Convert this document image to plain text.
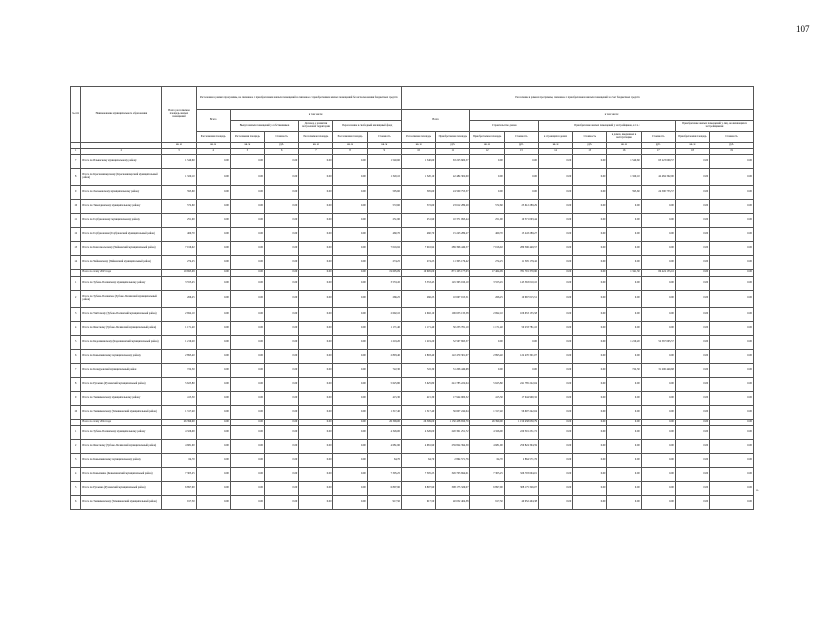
107
№ п/п	Наименование муниципального образования	Всего расселяемая площадь жилых помещений	Расселение в рамках программы, не связанное с приобретением жилых помещений и связанное с приобретением жилых помещений без использования бюджетных средств						Расселение в рамках программы, связанное с приобретением жилых помещений за счет бюджетных средств									
			Всего	в том числе:					Всего		в том числе:							
				Выкуп жилых помещений у собственников		Договор о развитии застроенной территории	Переселение в свободный жилищный фонд				Строительство домов		Приобретение жилых помещений у застройщиков, в т.ч.:				Приобретение жилых помещений у лиц, не являющихся застройщиками	
			Расселяемая площадь	Расселяемая площадь	Стоимость	Расселяемая площадь	Расселяемая площадь	Стоимость	Расселяемая площадь	Приобретаемая площадь	Приобретаемая площадь	Стоимость	в строящихся домах	Стоимость	в домах, введенных в эксплуатацию	Стоимость	Приобретаемая площадь	Стоимость
		кв. м	кв. м	кв. м	руб.	кв. м	кв. м	кв. м	кв. м	руб.	кв. м	руб.	кв. м	руб.	кв. м	руб.	кв. м	руб.
1	2	3	4	5	6	7	8	9	10	11	12	13	14	15	16	17	18	19
7	Итого по Ильинскому муниципальному району	1 540,60	0.00	0.00	0.00	0.00	0.00	1 540,60	1 540,60	63 223 600,57	0.00	0.00	0.00	0.00	1 540,60	63 223 600,57	0.00	0.00
8	Итого по Красновишерскому (Красновишерский муниципальный район)	1 320,10	0.00	0.00	0.00	0.00	0.00	1 320,10	1 320,10	42 484 302,00	0.00	0.00	0.00	0.00	1 320,10	42 484 302,00	0.00	0.00
9	Итого по Лысьвенскому муниципальному району	595,60	0.00	0.00	0.00	0.00	0.00	595,60	595,60	24 500 755,57	0.00	0.00	0.00	0.00	595,60	24 500 755,57	0.00	0.00
10	Итого по Тикалдинскому муниципальному району	572,60	0.00	0.00	0.00	0.00	0.00	572,60	572,60	23 612 289,29	572,60	23 612 289,29	0.00	0.00	0.00	0.00	0.00	0.00
11	Итого по Горбуновскому муниципальному району	251,90	0.00	0.00	0.00	0.00	0.00	251,90	251,90	10 371 093,44	251,90	10 371 093,44	0.00	0.00	0.00	0.00	0.00	0.00
12	Итого по Горбуновским (Горбуновский муниципальный район)	460,70	0.00	0.00	0.00	0.00	0.00	460,70	460,70	15 243 289,27	460,70	15 243 289,27	0.00	0.00	0.00	0.00	0.00	0.00
13	Итого по Комсомольскому (Чайковский муниципальный район)	7 016,92	0.00	0.00	0.00	0.00	0.00	7 016,92	7 016,92	289 396 449,57	7 016,92	289 396 449,57	0.00	0.00	0.00	0.00	0.00	0.00
14	Итого по Чайковскому (Чайковский муниципальный район)	274,25	0.00	0.00	0.00	0.00	0.00	274,25	274,25	11 305 179,42	274,25	11 305 179,42	0.00	0.00	0.00	0.00	0.00	0.00
	Всего по этапу 2023 года	19 695,09	0.00	0.00	0.00	0.00	0.00	19 695,09	19 695,09	871 103 177,03	17 464,09	781 701 370,90	0.00	0.00	1 341,30	69 424 155,16	0.00	0.00
1	Итого по Зубово-Полянскому муниципальному району	3 553,45	0.00	0.00	0.00	0.00	0.00	3 553,45	3 553,45	145 363 010,10	3 553,45	145 363 010,10	0.00	0.00	0.00	0.00	0.00	0.00
2	Итого по Зубово-Полянское (Зубово-Полянский муниципальный район)	266,25	0.00	0.00	0.00	0.00	0.00	266,25	266,25	10 667 015,51	266,25	10 667 015,51	0.00	0.00	0.00	0.00	0.00	0.00
3	Итого по Умётскому (Зубово-Полянский муниципальный район)	2 692,10	0.00	0.00	0.00	0.00	0.00	2 692,10	2 692,10	106 653 135,58	2 692,10	106 653 135,58	0.00	0.00	0.00	0.00	0.00	0.00
4	Итого по Явасскому (Зубово-Полянский муниципальный район)	1 171,40	0.00	0.00	0.00	0.00	0.00	1 171,40	1 171,40	50 233 781,10	1 171,40	50 233 781,10	0.00	0.00	0.00	0.00	0.00	0.00
5	Итого по Кадошкинскому (Кадошкинский муниципальный район)	1 219,20	0.00	0.00	0.00	0.00	0.00	1 219,20	1 219,20	52 567 695,57	0.00	0.00	0.00	0.00	1 219,20	52 567 695,57	0.00	0.00
6	Итого по Ковылкинскому муниципальному району	2 893,40	0.00	0.00	0.00	0.00	0.00	2 893,40	2 893,40	122 470 301,07	2 893,40	122 470 301,07	0.00	0.00	0.00	0.00	0.00	0.00
7	Итого по Кочкуровский муниципальный район	722,30	0.00	0.00	0.00	0.00	0.00	722,30	722,30	31 206 449,68	0.00	0.00	0.00	0.00	722,30	31 206 449,68	0.00	0.00
8	Итого по Рузаевка (Рузаевский муниципальный район)	5 625,80	0.00	0.00	0.00	0.00	0.00	5 625,80	5 625,80	241 785 222,04	5 625,80	241 785 222,04	0.00	0.00	0.00	0.00	0.00	0.00
9	Итого по Темниковскому муниципальному району	415,30	0.00	0.00	0.00	0.00	0.00	415,30	415,30	17 944 900,32	415,30	17 944 900,32	0.00	0.00	0.00	0.00	0.00	0.00
10	Итого по Темниковскому (Темниковский муниципальный район)	1 317,40	0.00	0.00	0.00	0.00	0.00	1 317,40	1 317,40	56 607 242,04	1 317,40	56 607 242,04	0.00	0.00	0.00	0.00	0.00	0.00
	Всего по этапу 2024 года	26 399,00	0.00	0.00	0.00	0.00	0.00	26 399,00	26 399,00	1 150 458 650,79	26 399,00	1 150 458 650,79	0.00	0.00	0.00	0.00	0.00	0.00
1	Итого по Зубово-Полянскому муниципальному району	4 326,00	0.00	0.00	0.00	0.00	0.00	4 326,00	4 326,00	220 301 251,72	4 326,00	220 301 251,72	0.00	0.00	0.00	0.00	0.00	0.00
2	Итого по Явасскому (Зубово-Полянский муниципальный район)	4 681,90	0.00	0.00	0.00	0.00	0.00	4 681,90	4 681,90	259 824 394,59	4 681,90	259 824 394,59	0.00	0.00	0.00	0.00	0.00	0.00
3	Итого по Ковылкинскому муниципальному району	64,70	0.00	0.00	0.00	0.00	0.00	64,70	64,70	2 864 571,76	64,70	2 864 571,76	0.00	0.00	0.00	0.00	0.00	0.00
4	Итого по Ковылкино (Ковылкинский муниципальный район)	7 305,25	0.00	0.00	0.00	0.00	0.00	7 305,25	7 305,25	326 703 694,01	7 305,25	326 703 694,01	0.00	0.00	0.00	0.00	0.00	0.00
5	Итого по Рузаевка (Рузаевский муниципальный район)	6 897,90	0.00	0.00	0.00	0.00	0.00	6 897,90	6 897,90	308 175 326,07	6 897,90	308 175 326,07	0.00	0.00	0.00	0.00	0.00	0.00
6	Итого по Темниковскому (Темниковский муниципальный район)	917,50	0.00	0.00	0.00	0.00	0.00	917,50	917,50	40 052 404,38	917,50	40 052 404,38	0.00	0.00	0.00	0.00	0.00	0.00
».
